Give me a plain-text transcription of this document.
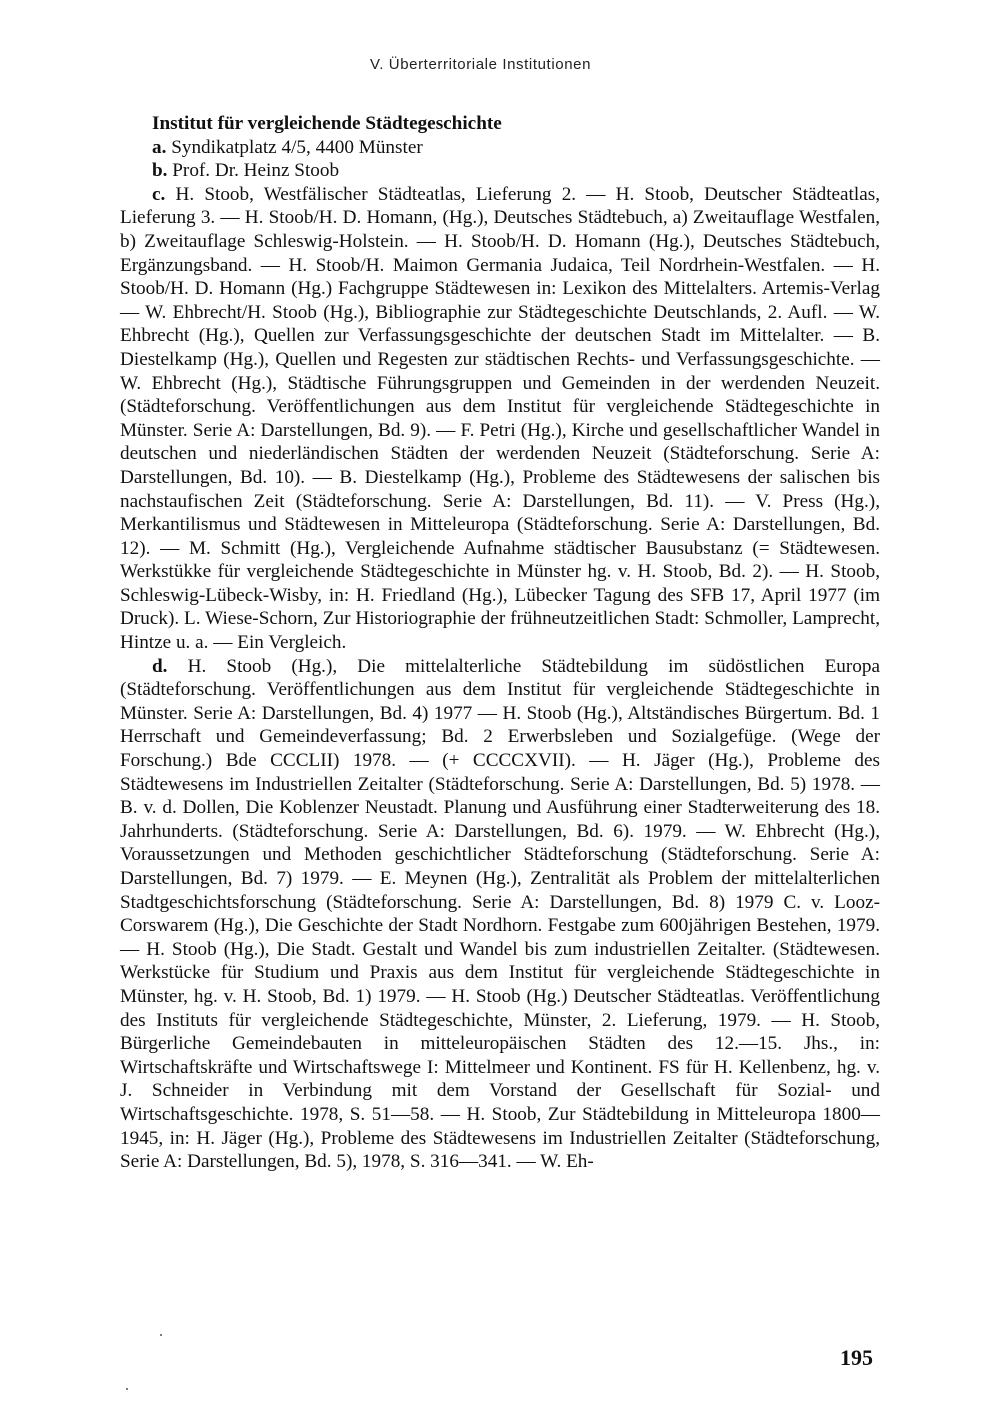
V. Überterritoriale Institutionen
Institut für vergleichende Städtegeschichte
a. Syndikatplatz 4/5, 4400 Münster
b. Prof. Dr. Heinz Stoob
c. H. Stoob, Westfälischer Städteatlas, Lieferung 2. — H. Stoob, Deutscher Städteatlas, Lieferung 3. — H. Stoob/H. D. Homann, (Hg.), Deutsches Städtebuch, a) Zweitauflage Westfalen, b) Zweitauflage Schleswig-Holstein. — H. Stoob/H. D. Homann (Hg.), Deutsches Städtebuch, Ergänzungsband. — H. Stoob/H. Maimon Germania Judaica, Teil Nordrhein-Westfalen. — H. Stoob/H. D. Homann (Hg.) Fachgruppe Städtewesen in: Lexikon des Mittelalters. Artemis-Verlag — W. Ehbrecht/H. Stoob (Hg.), Bibliographie zur Städtegeschichte Deutschlands, 2. Aufl. — W. Ehbrecht (Hg.), Quellen zur Verfassungsgeschichte der deutschen Stadt im Mittelalter. — B. Diestelkamp (Hg.), Quellen und Regesten zur städtischen Rechts- und Verfassungsgeschichte. — W. Ehbrecht (Hg.), Städtische Führungsgruppen und Gemeinden in der werdenden Neuzeit. (Städteforschung. Veröffentlichungen aus dem Institut für vergleichende Städtegeschichte in Münster. Serie A: Darstellungen, Bd. 9). — F. Petri (Hg.), Kirche und gesellschaftlicher Wandel in deutschen und niederländischen Städten der werdenden Neuzeit (Städteforschung. Serie A: Darstellungen, Bd. 10). — B. Diestelkamp (Hg.), Probleme des Städtewesens der salischen bis nachstaufischen Zeit (Städteforschung. Serie A: Darstellungen, Bd. 11). — V. Press (Hg.), Merkantilismus und Städtewesen in Mitteleuropa (Städteforschung. Serie A: Darstellungen, Bd. 12). — M. Schmitt (Hg.), Vergleichende Aufnahme städtischer Bausubstanz (= Städtewesen. Werkstükke für vergleichende Städtegeschichte in Münster hg. v. H. Stoob, Bd. 2). — H. Stoob, Schleswig-Lübeck-Wisby, in: H. Friedland (Hg.), Lübecker Tagung des SFB 17, April 1977 (im Druck). L. Wiese-Schorn, Zur Historiographie der frühneutzeitlichen Stadt: Schmoller, Lamprecht, Hintze u. a. — Ein Vergleich.
d. H. Stoob (Hg.), Die mittelalterliche Städtebildung im südöstlichen Europa (Städteforschung. Veröffentlichungen aus dem Institut für vergleichende Städtegeschichte in Münster. Serie A: Darstellungen, Bd. 4) 1977 — H. Stoob (Hg.), Altständisches Bürgertum. Bd. 1 Herrschaft und Gemeindeverfassung; Bd. 2 Erwerbsleben und Sozialgefüge. (Wege der Forschung.) Bde CCCLII) 1978. — (+ CCCCXVII). — H. Jäger (Hg.), Probleme des Städtewesens im Industriellen Zeitalter (Städteforschung. Serie A: Darstellungen, Bd. 5) 1978. — B. v. d. Dollen, Die Koblenzer Neustadt. Planung und Ausführung einer Stadterweiterung des 18. Jahrhunderts. (Städteforschung. Serie A: Darstellungen, Bd. 6). 1979. — W. Ehbrecht (Hg.), Voraussetzungen und Methoden geschichtlicher Städteforschung (Städteforschung. Serie A: Darstellungen, Bd. 7) 1979. — E. Meynen (Hg.), Zentralität als Problem der mittelalterlichen Stadtgeschichtsforschung (Städteforschung. Serie A: Darstellungen, Bd. 8) 1979 C. v. Looz-Corswarem (Hg.), Die Geschichte der Stadt Nordhorn. Festgabe zum 600jährigen Bestehen, 1979. — H. Stoob (Hg.), Die Stadt. Gestalt und Wandel bis zum industriellen Zeitalter. (Städtewesen. Werkstücke für Studium und Praxis aus dem Institut für vergleichende Städtegeschichte in Münster, hg. v. H. Stoob, Bd. 1) 1979. — H. Stoob (Hg.) Deutscher Städteatlas. Veröffentlichung des Instituts für vergleichende Städtegeschichte, Münster, 2. Lieferung, 1979. — H. Stoob, Bürgerliche Gemeindebauten in mitteleuropäischen Städten des 12.—15. Jhs., in: Wirtschaftskräfte und Wirtschaftswege I: Mittelmeer und Kontinent. FS für H. Kellenbenz, hg. v. J. Schneider in Verbindung mit dem Vorstand der Gesellschaft für Sozial- und Wirtschaftsgeschichte. 1978, S. 51—58. — H. Stoob, Zur Städtebildung in Mitteleuropa 1800—1945, in: H. Jäger (Hg.), Probleme des Städtewesens im Industriellen Zeitalter (Städteforschung, Serie A: Darstellungen, Bd. 5), 1978, S. 316—341. — W. Eh-
195
